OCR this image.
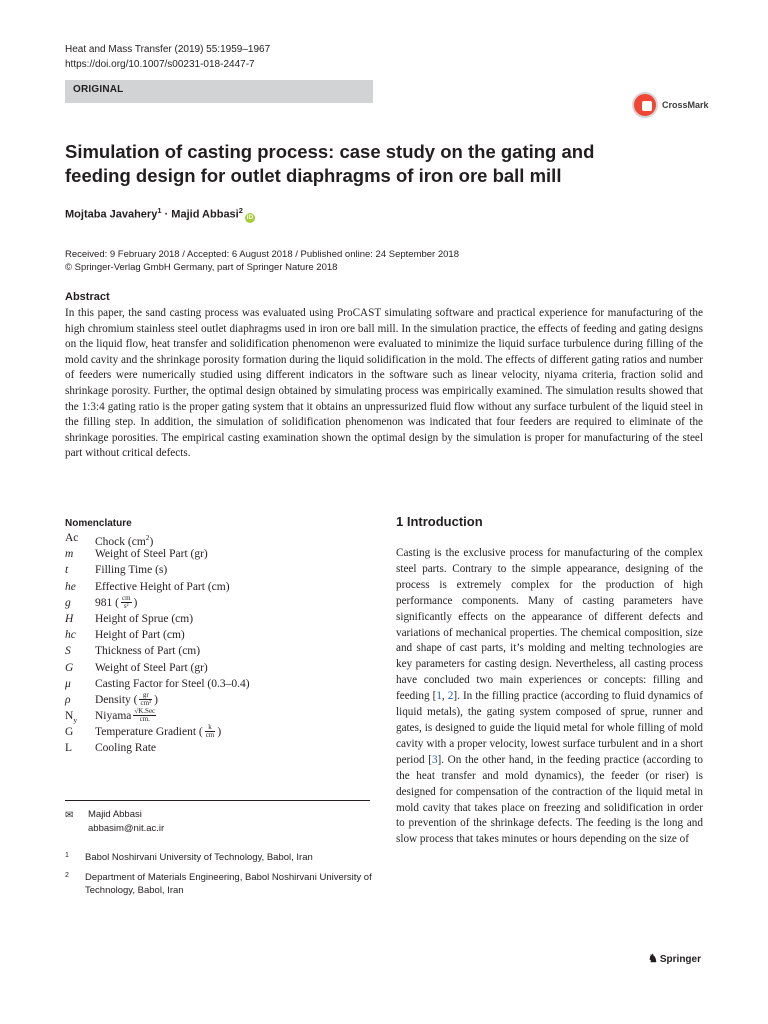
Heat and Mass Transfer (2019) 55:1959–1967
https://doi.org/10.1007/s00231-018-2447-7
ORIGINAL
CrossMark
Simulation of casting process: case study on the gating and feeding design for outlet diaphragms of iron ore ball mill
Mojtaba Javahery$^1$ · Majid Abbasi$^2$iD
Received: 9 February 2018 / Accepted: 6 August 2018 / Published online: 24 September 2018
© Springer-Verlag GmbH Germany, part of Springer Nature 2018
Abstract
In this paper, the sand casting process was evaluated using ProCAST simulating software and practical experience for manufacturing of the high chromium stainless steel outlet diaphragms used in iron ore ball mill. In the simulation practice, the effects of feeding and gating designs on the liquid flow, heat transfer and solidification phenomenon were evaluated to minimize the liquid surface turbulence during filling of the mold cavity and the shrinkage porosity formation during the liquid solidification in the mold. The effects of different gating ratios and number of feeders were numerically studied using different indicators in the software such as linear velocity, niyama criteria, fraction solid and shrinkage porosity. Further, the optimal design obtained by simulating process was empirically examined. The simulation results showed that the 1:3:4 gating ratio is the proper gating system that it obtains an unpressurized fluid flow without any surface turbulent of the liquid steel in the filling step. In addition, the simulation of solidification phenomenon was indicated that four feeders are required to eliminate of the shrinkage porosities. The empirical casting examination shown the optimal design by the simulation is proper for manufacturing of the steel part without critical defects.
Nomenclature
Ac Chock $(cm^2)$
m Weight of Steel Part (gr)
t Filling Time (s)
he Effective Height of Part (cm)
g 981 ( $\frac{cm}{\text{s²}}$ )
H Height of Sprue (cm)
hc Height of Part (cm)
S Thickness of Part (cm)
G Weight of Steel Part (gr)
μ Casting Factor for Steel (0.3–0.4)
ρ Density ( $\frac{gr}{\text{cm³}}$ )
$N_y$ Niyama $\frac{\text{√K.Sec}}{cm.}$
G Temperature Gradient ( $\frac{k}{cm}$ )
L Cooling Rate
✉ Majid Abbasi
abbasim@nit.ac.ir
1 Babol Noshirvani University of Technology, Babol, Iran
2 Department of Materials Engineering, Babol Noshirvani University of Technology, Babol, Iran
1 Introduction
Casting is the exclusive process for manufacturing of the complex steel parts. Contrary to the simple appearance, designing of the process is extremely complex for the production of high performance components. Many of casting parameters have significantly effects on the appearance of different defects and variations of mechanical properties. The chemical composition, size and shape of cast parts, it’s molding and melting technologies are key parameters for casting design. Nevertheless, all casting process have concluded two main experiences or concepts: filling and feeding [1, 2]. In the filling practice (according to fluid dynamics of liquid metals), the gating system composed of sprue, runner and gates, is designed to guide the liquid metal for whole filling of mold cavity with a proper velocity, lowest surface turbulent and in a short period [3]. On the other hand, in the feeding practice (according to the heat transfer and mold dynamics), the feeder (or riser) is designed for compensation of the contraction of the liquid metal in mold cavity that takes place on freezing and solidification in order to prevention of the shrinkage defects. The feeding is the long and slow process that takes minutes or hours depending on the size of
♞ Springer
